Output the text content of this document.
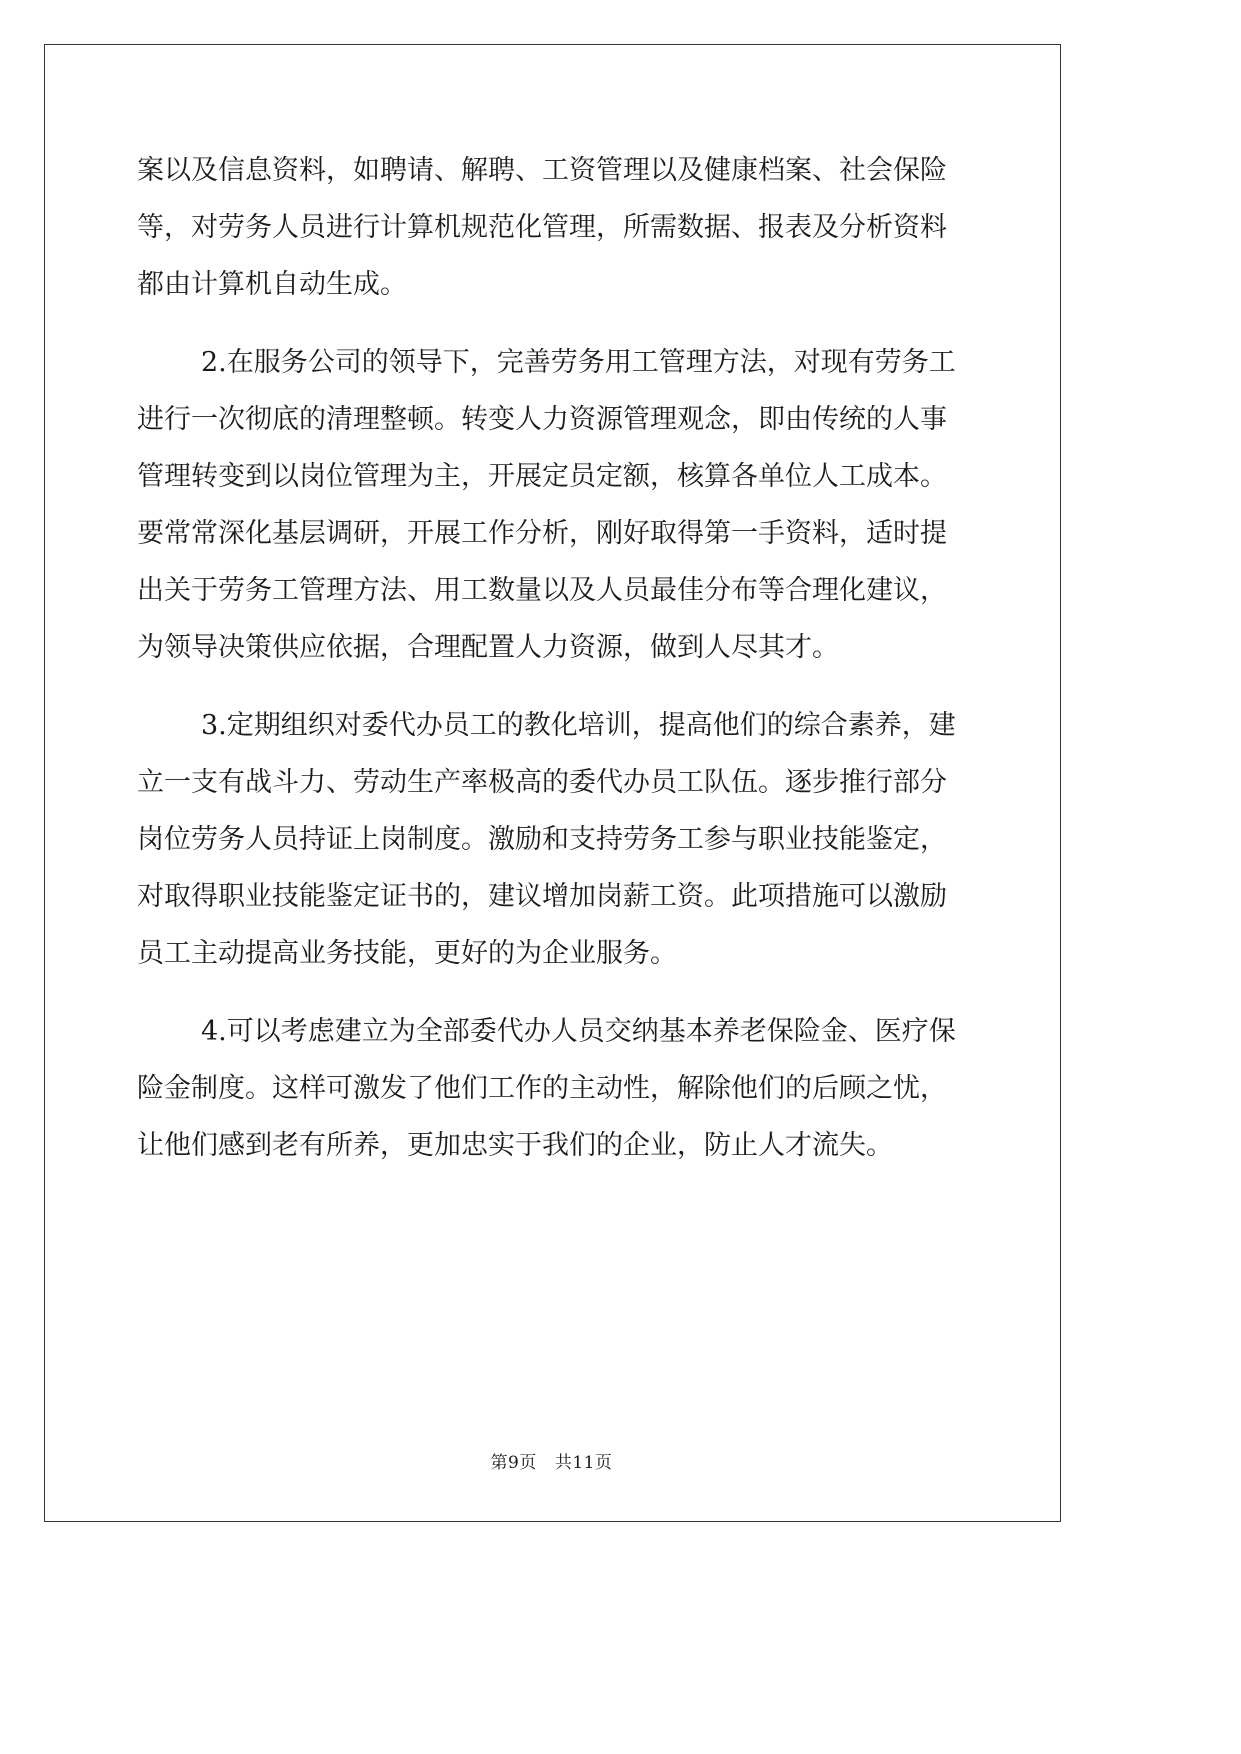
案以及信息资料，如聘请、解聘、工资管理以及健康档案、社会保险
等，对劳务人员进行计算机规范化管理，所需数据、报表及分析资料
都由计算机自动生成。
2.在服务公司的领导下，完善劳务用工管理方法，对现有劳务工
进行一次彻底的清理整顿。转变人力资源管理观念，即由传统的人事
管理转变到以岗位管理为主，开展定员定额，核算各单位人工成本。
要常常深化基层调研，开展工作分析，刚好取得第一手资料，适时提
出关于劳务工管理方法、用工数量以及人员最佳分布等合理化建议，
为领导决策供应依据，合理配置人力资源，做到人尽其才。
3.定期组织对委代办员工的教化培训，提高他们的综合素养，建
立一支有战斗力、劳动生产率极高的委代办员工队伍。逐步推行部分
岗位劳务人员持证上岗制度。激励和支持劳务工参与职业技能鉴定，
对取得职业技能鉴定证书的，建议增加岗薪工资。此项措施可以激励
员工主动提高业务技能，更好的为企业服务。
4.可以考虑建立为全部委代办人员交纳基本养老保险金、医疗保
险金制度。这样可激发了他们工作的主动性，解除他们的后顾之忧，
让他们感到老有所养，更加忠实于我们的企业，防止人才流失。
第9页 共11页
